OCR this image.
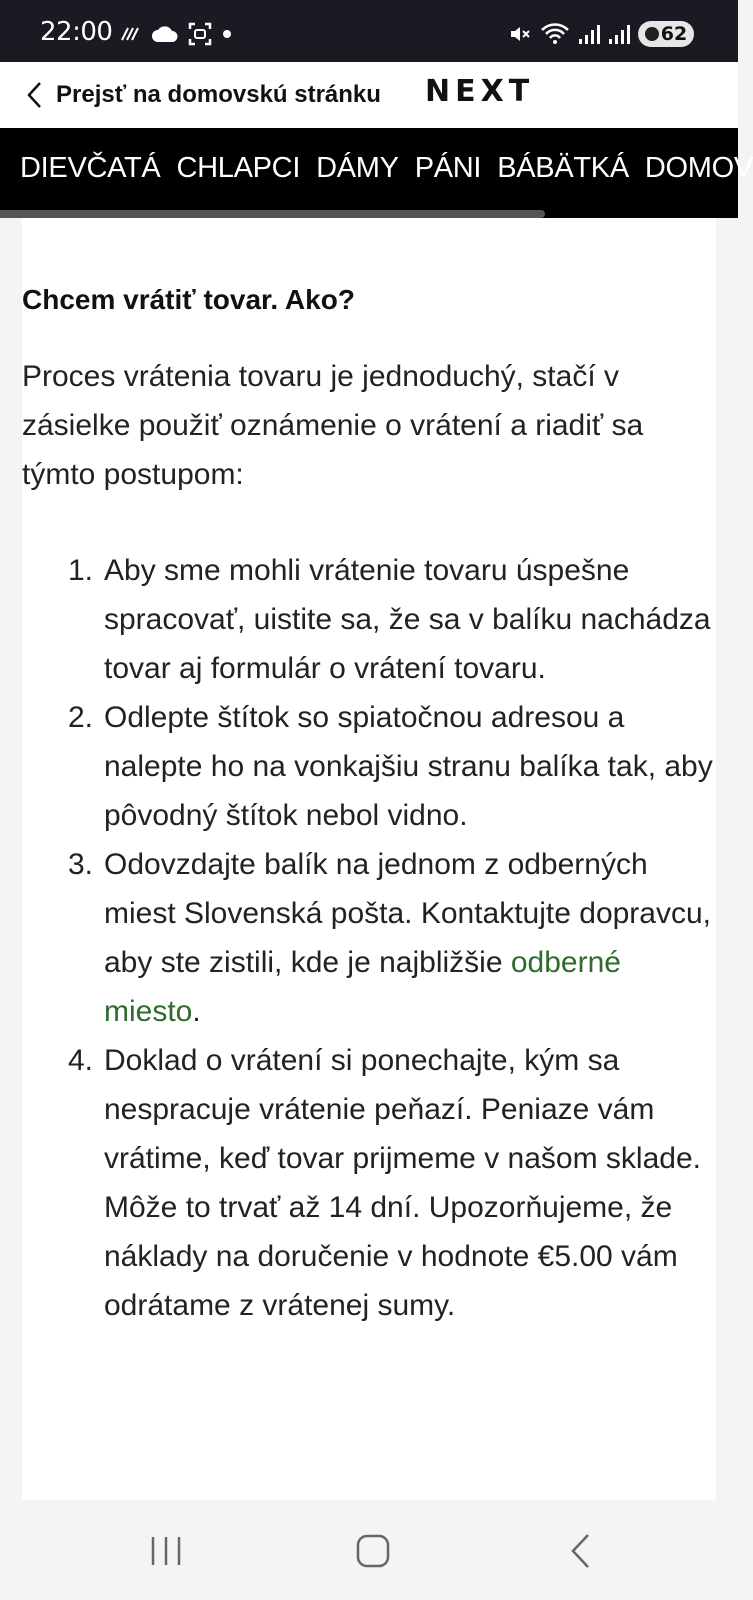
22:00	62
Prejsť na domovskú stránku NEXT
DIEVČATÁ CHLAPCI DÁMY PÁNI BÁBÄTKÁ DOMOV
Chcem vrátiť tovar. Ako?

Proces vrátenia tovaru je jednoduchý, stačí v zásielke použiť oznámenie o vrátení a riadiť sa týmto postupom:

1. Aby sme mohli vrátenie tovaru úspešne spracovať, uistite sa, že sa v balíku nachádza tovar aj formulár o vrátení tovaru.
2. Odlepte štítok so spiatočnou adresou a nalepte ho na vonkajšiu stranu balíka tak, aby pôvodný štítok nebol vidno.
3. Odovzdajte balík na jednom z odberných miest Slovenská pošta. Kontaktujte dopravcu, aby ste zistili, kde je najbližšie odberné miesto.
4. Doklad o vrátení si ponechajte, kým sa nespracuje vrátenie peňazí. Peniaze vám vrátime, keď tovar prijmeme v našom sklade. Môže to trvať až 14 dní. Upozorňujeme, že náklady na doručenie v hodnote €5.00 vám odrátame z vrátenej sumy.
